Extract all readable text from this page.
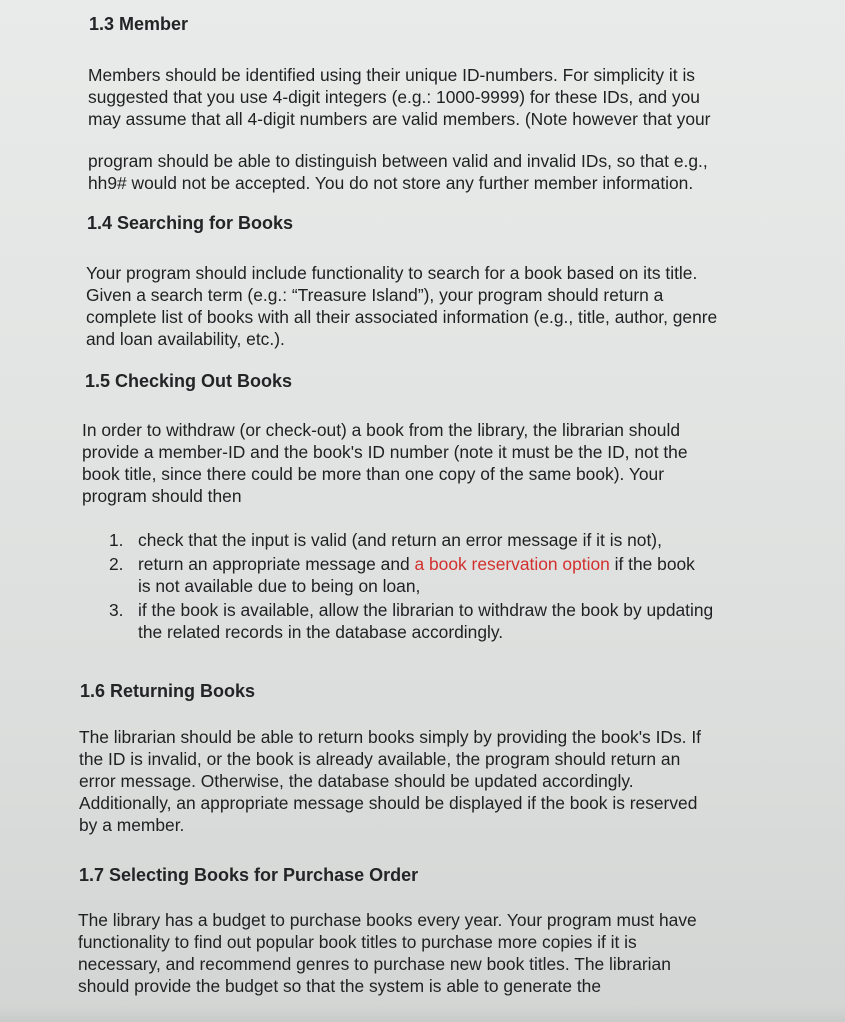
1.3 Member

Members should be identified using their unique ID-numbers. For simplicity it is
suggested that you use 4-digit integers (e.g.: 1000-9999) for these IDs, and you
may assume that all 4-digit numbers are valid members. (Note however that your

program should be able to distinguish between valid and invalid IDs, so that e.g.,
hh9# would not be accepted. You do not store any further member information.

1.4 Searching for Books

Your program should include functionality to search for a book based on its title.
Given a search term (e.g.: “Treasure Island”), your program should return a
complete list of books with all their associated information (e.g., title, author, genre
and loan availability, etc.).

1.5 Checking Out Books

In order to withdraw (or check-out) a book from the library, the librarian should
provide a member-ID and the book's ID number (note it must be the ID, not the
book title, since there could be more than one copy of the same book). Your
program should then

1. check that the input is valid (and return an error message if it is not),
2. return an appropriate message and a book reservation option if the book
is not available due to being on loan,
3. if the book is available, allow the librarian to withdraw the book by updating
the related records in the database accordingly.
1.6 Returning Books

The librarian should be able to return books simply by providing the book's IDs. If
the ID is invalid, or the book is already available, the program should return an
error message. Otherwise, the database should be updated accordingly.
Additionally, an appropriate message should be displayed if the book is reserved
by a member.

1.7 Selecting Books for Purchase Order

The library has a budget to purchase books every year. Your program must have
functionality to find out popular book titles to purchase more copies if it is
necessary, and recommend genres to purchase new book titles. The librarian
should provide the budget so that the system is able to generate the
